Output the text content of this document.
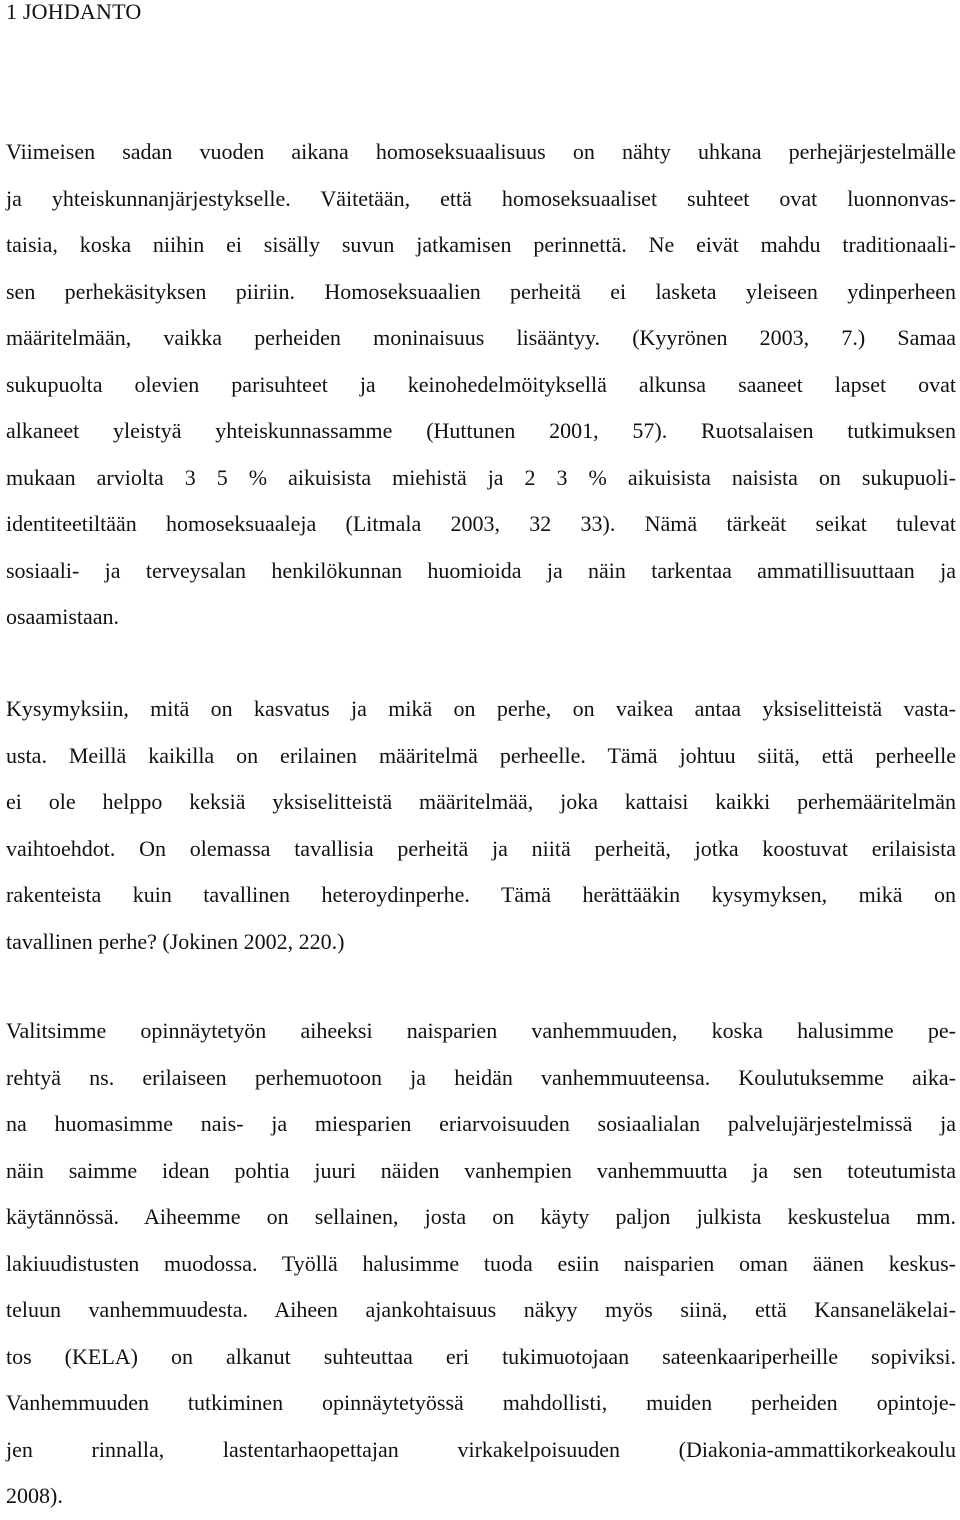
1 JOHDANTO
Viimeisen sadan vuoden aikana homoseksuaalisuus on nähty uhkana perhejärjestelmälle
ja yhteiskunnanjärjestykselle. Väitetään, että homoseksuaaliset suhteet ovat luonnonvas-
taisia, koska niihin ei sisälly suvun jatkamisen perinnettä. Ne eivät mahdu traditionaali-
sen perhekäsityksen piiriin. Homoseksuaalien perheitä ei lasketa yleiseen ydinperheen
määritelmään, vaikka perheiden moninaisuus lisääntyy. (Kyyrönen 2003, 7.) Samaa
sukupuolta olevien parisuhteet ja keinohedelmöityksellä alkunsa saaneet lapset ovat
alkaneet yleistyä yhteiskunnassamme (Huttunen 2001, 57). Ruotsalaisen tutkimuksen
mukaan arviolta 3 5 % aikuisista miehistä ja 2 3 % aikuisista naisista on sukupuoli-
identiteetiltään homoseksuaaleja (Litmala 2003, 32 33). Nämä tärkeät seikat tulevat
sosiaali- ja terveysalan henkilökunnan huomioida ja näin tarkentaa ammatillisuuttaan ja
osaamistaan.
Kysymyksiin, mitä on kasvatus ja mikä on perhe, on vaikea antaa yksiselitteistä vasta-
usta. Meillä kaikilla on erilainen määritelmä perheelle. Tämä johtuu siitä, että perheelle
ei ole helppo keksiä yksiselitteistä määritelmää, joka kattaisi kaikki perhemääritelmän
vaihtoehdot. On olemassa tavallisia perheitä ja niitä perheitä, jotka koostuvat erilaisista
rakenteista kuin tavallinen heteroydinperhe. Tämä herättääkin kysymyksen, mikä on
tavallinen perhe? (Jokinen 2002, 220.)
Valitsimme opinnäytetyön aiheeksi naisparien vanhemmuuden, koska halusimme pe-
rehtyä ns. erilaiseen perhemuotoon ja heidän vanhemmuuteensa. Koulutuksemme aika-
na huomasimme nais- ja miesparien eriarvoisuuden sosiaalialan palvelujärjestelmissä ja
näin saimme idean pohtia juuri näiden vanhempien vanhemmuutta ja sen toteutumista
käytännössä. Aiheemme on sellainen, josta on käyty paljon julkista keskustelua mm.
lakiuudistusten muodossa. Työllä halusimme tuoda esiin naisparien oman äänen keskus-
teluun vanhemmuudesta. Aiheen ajankohtaisuus näkyy myös siinä, että Kansaneläkelai-
tos (KELA) on alkanut suhteuttaa eri tukimuotojaan sateenkaariperheille sopiviksi.
Vanhemmuuden tutkiminen opinnäytetyössä mahdollisti, muiden perheiden opintoje-
jen rinnalla, lastentarhaopettajan virkakelpoisuuden (Diakonia-ammattikorkeakoulu
2008).
